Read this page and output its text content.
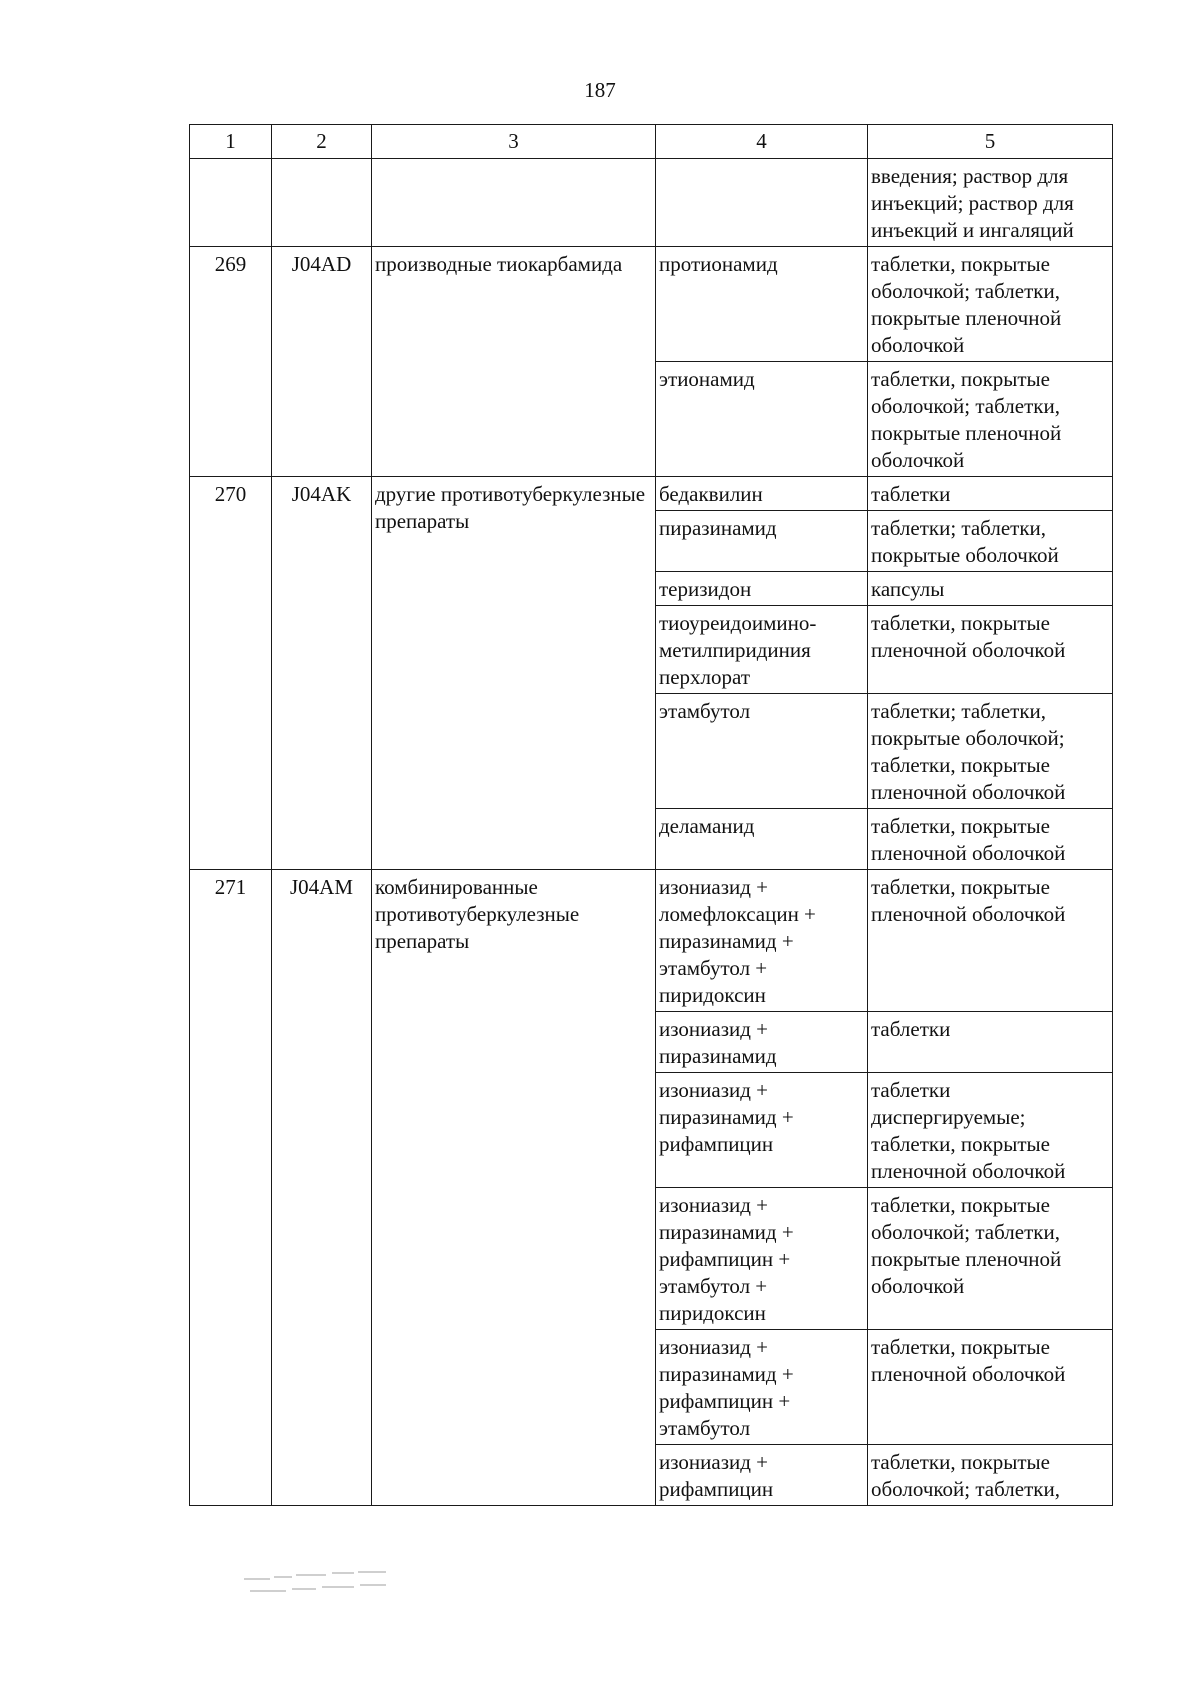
187
1	2	3	4	5
				введения; раствор для инъекций; раствор для инъекций и ингаляций
269	J04AD	производные тиокарбамида	протионамид	таблетки, покрытые оболочкой; таблетки, покрытые пленочной оболочкой
			этионамид	таблетки, покрытые оболочкой; таблетки, покрытые пленочной оболочкой
270	J04AK	другие противотуберкулезные препараты	бедаквилин	таблетки
			пиразинамид	таблетки; таблетки, покрытые оболочкой
			теризидон	капсулы
			тиоуреидоимино-метилпиридиния перхлорат	таблетки, покрытые пленочной оболочкой
			этамбутол	таблетки; таблетки, покрытые оболочкой; таблетки, покрытые пленочной оболочкой
			деламанид	таблетки, покрытые пленочной оболочкой
271	J04AM	комбинированные противотуберкулезные препараты	изониазид + ломефлоксацин + пиразинамид + этамбутол + пиридоксин	таблетки, покрытые пленочной оболочкой
			изониазид + пиразинамид	таблетки
			изониазид + пиразинамид + рифампицин	таблетки диспергируемые; таблетки, покрытые пленочной оболочкой
			изониазид + пиразинамид + рифампицин + этамбутол + пиридоксин	таблетки, покрытые оболочкой; таблетки, покрытые пленочной оболочкой
			изониазид + пиразинамид + рифампицин + этамбутол	таблетки, покрытые пленочной оболочкой
			изониазид + рифампицин	таблетки, покрытые оболочкой; таблетки,
